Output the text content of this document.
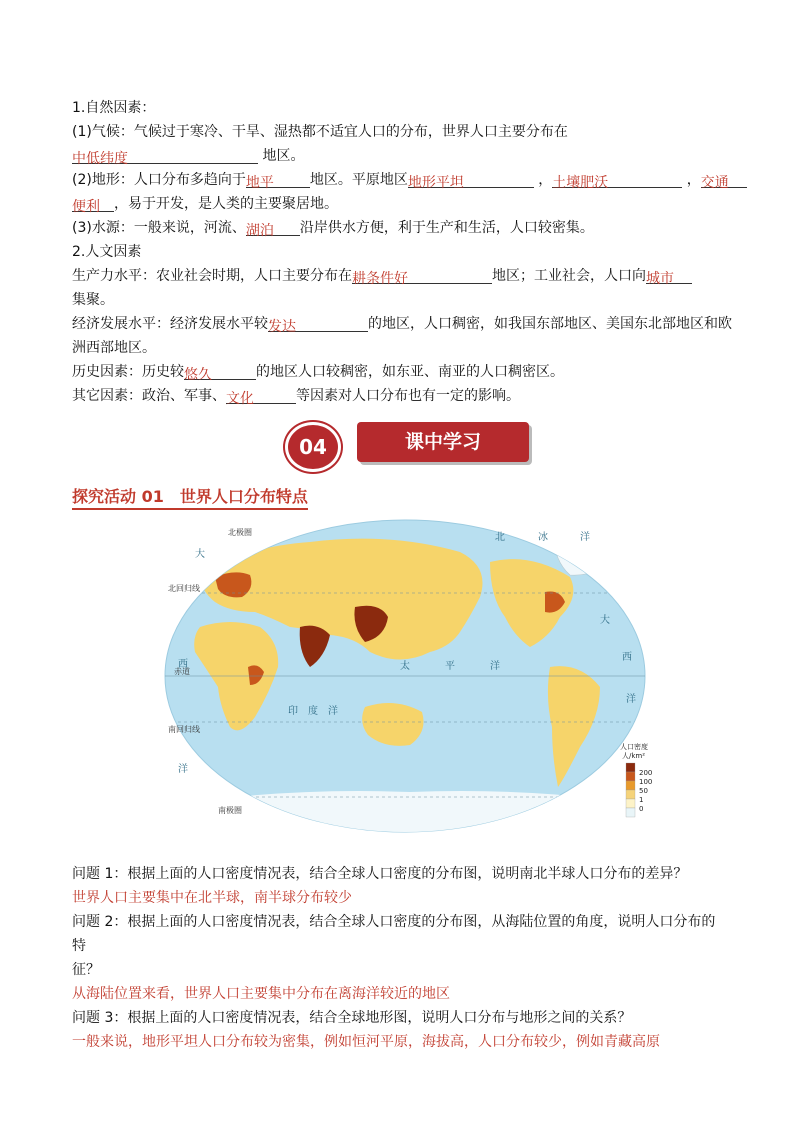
1.自然因素：
(1)气候：气候过于寒冷、干旱、湿热都不适宜人口的分布，世界人口主要分布在
中低纬度	地区。
(2)地形：人口分布多趋向于地平	地区。平原地区地形平坦	，土壤肥沃	，交通
便利 ，易于开发，是人类的主要聚居地。
(3)水源：一般来说，河流、湖泊 沿岸供水方便，利于生产和生活，人口较密集。
2.人文因素
生产力水平：农业社会时期，人口主要分布在耕条件好	地区；工业社会，人口向城市
集聚。
经济发展水平：经济发展水平较发达	的地区，人口稠密，如我国东部地区、美国东北部地区和欧
洲西部地区。
历史因素：历史较悠久	的地区人口较稠密，如东亚、南亚的人口稠密区。
其它因素：政治、军事、文化	等因素对人口分布也有一定的影响。
04	课中学习
探究活动 01　世界人口分布特点
北极圈
北回归线
赤道
南回归线
南极圈
北	冰	洋
太	平	洋
印 度 洋
大
西
洋
大
西
洋
人口密度
人/km²
200
100
50
1
0
问题 1：根据上面的人口密度情况表，结合全球人口密度的分布图，说明南北半球人口分布的差异？
世界人口主要集中在北半球，南半球分布较少
问题 2：根据上面的人口密度情况表，结合全球人口密度的分布图，从海陆位置的角度，说明人口分布的特
征？
从海陆位置来看，世界人口主要集中分布在离海洋较近的地区
问题 3：根据上面的人口密度情况表，结合全球地形图，说明人口分布与地形之间的关系？
一般来说，地形平坦人口分布较为密集，例如恒河平原，海拔高，人口分布较少，例如青藏高原
